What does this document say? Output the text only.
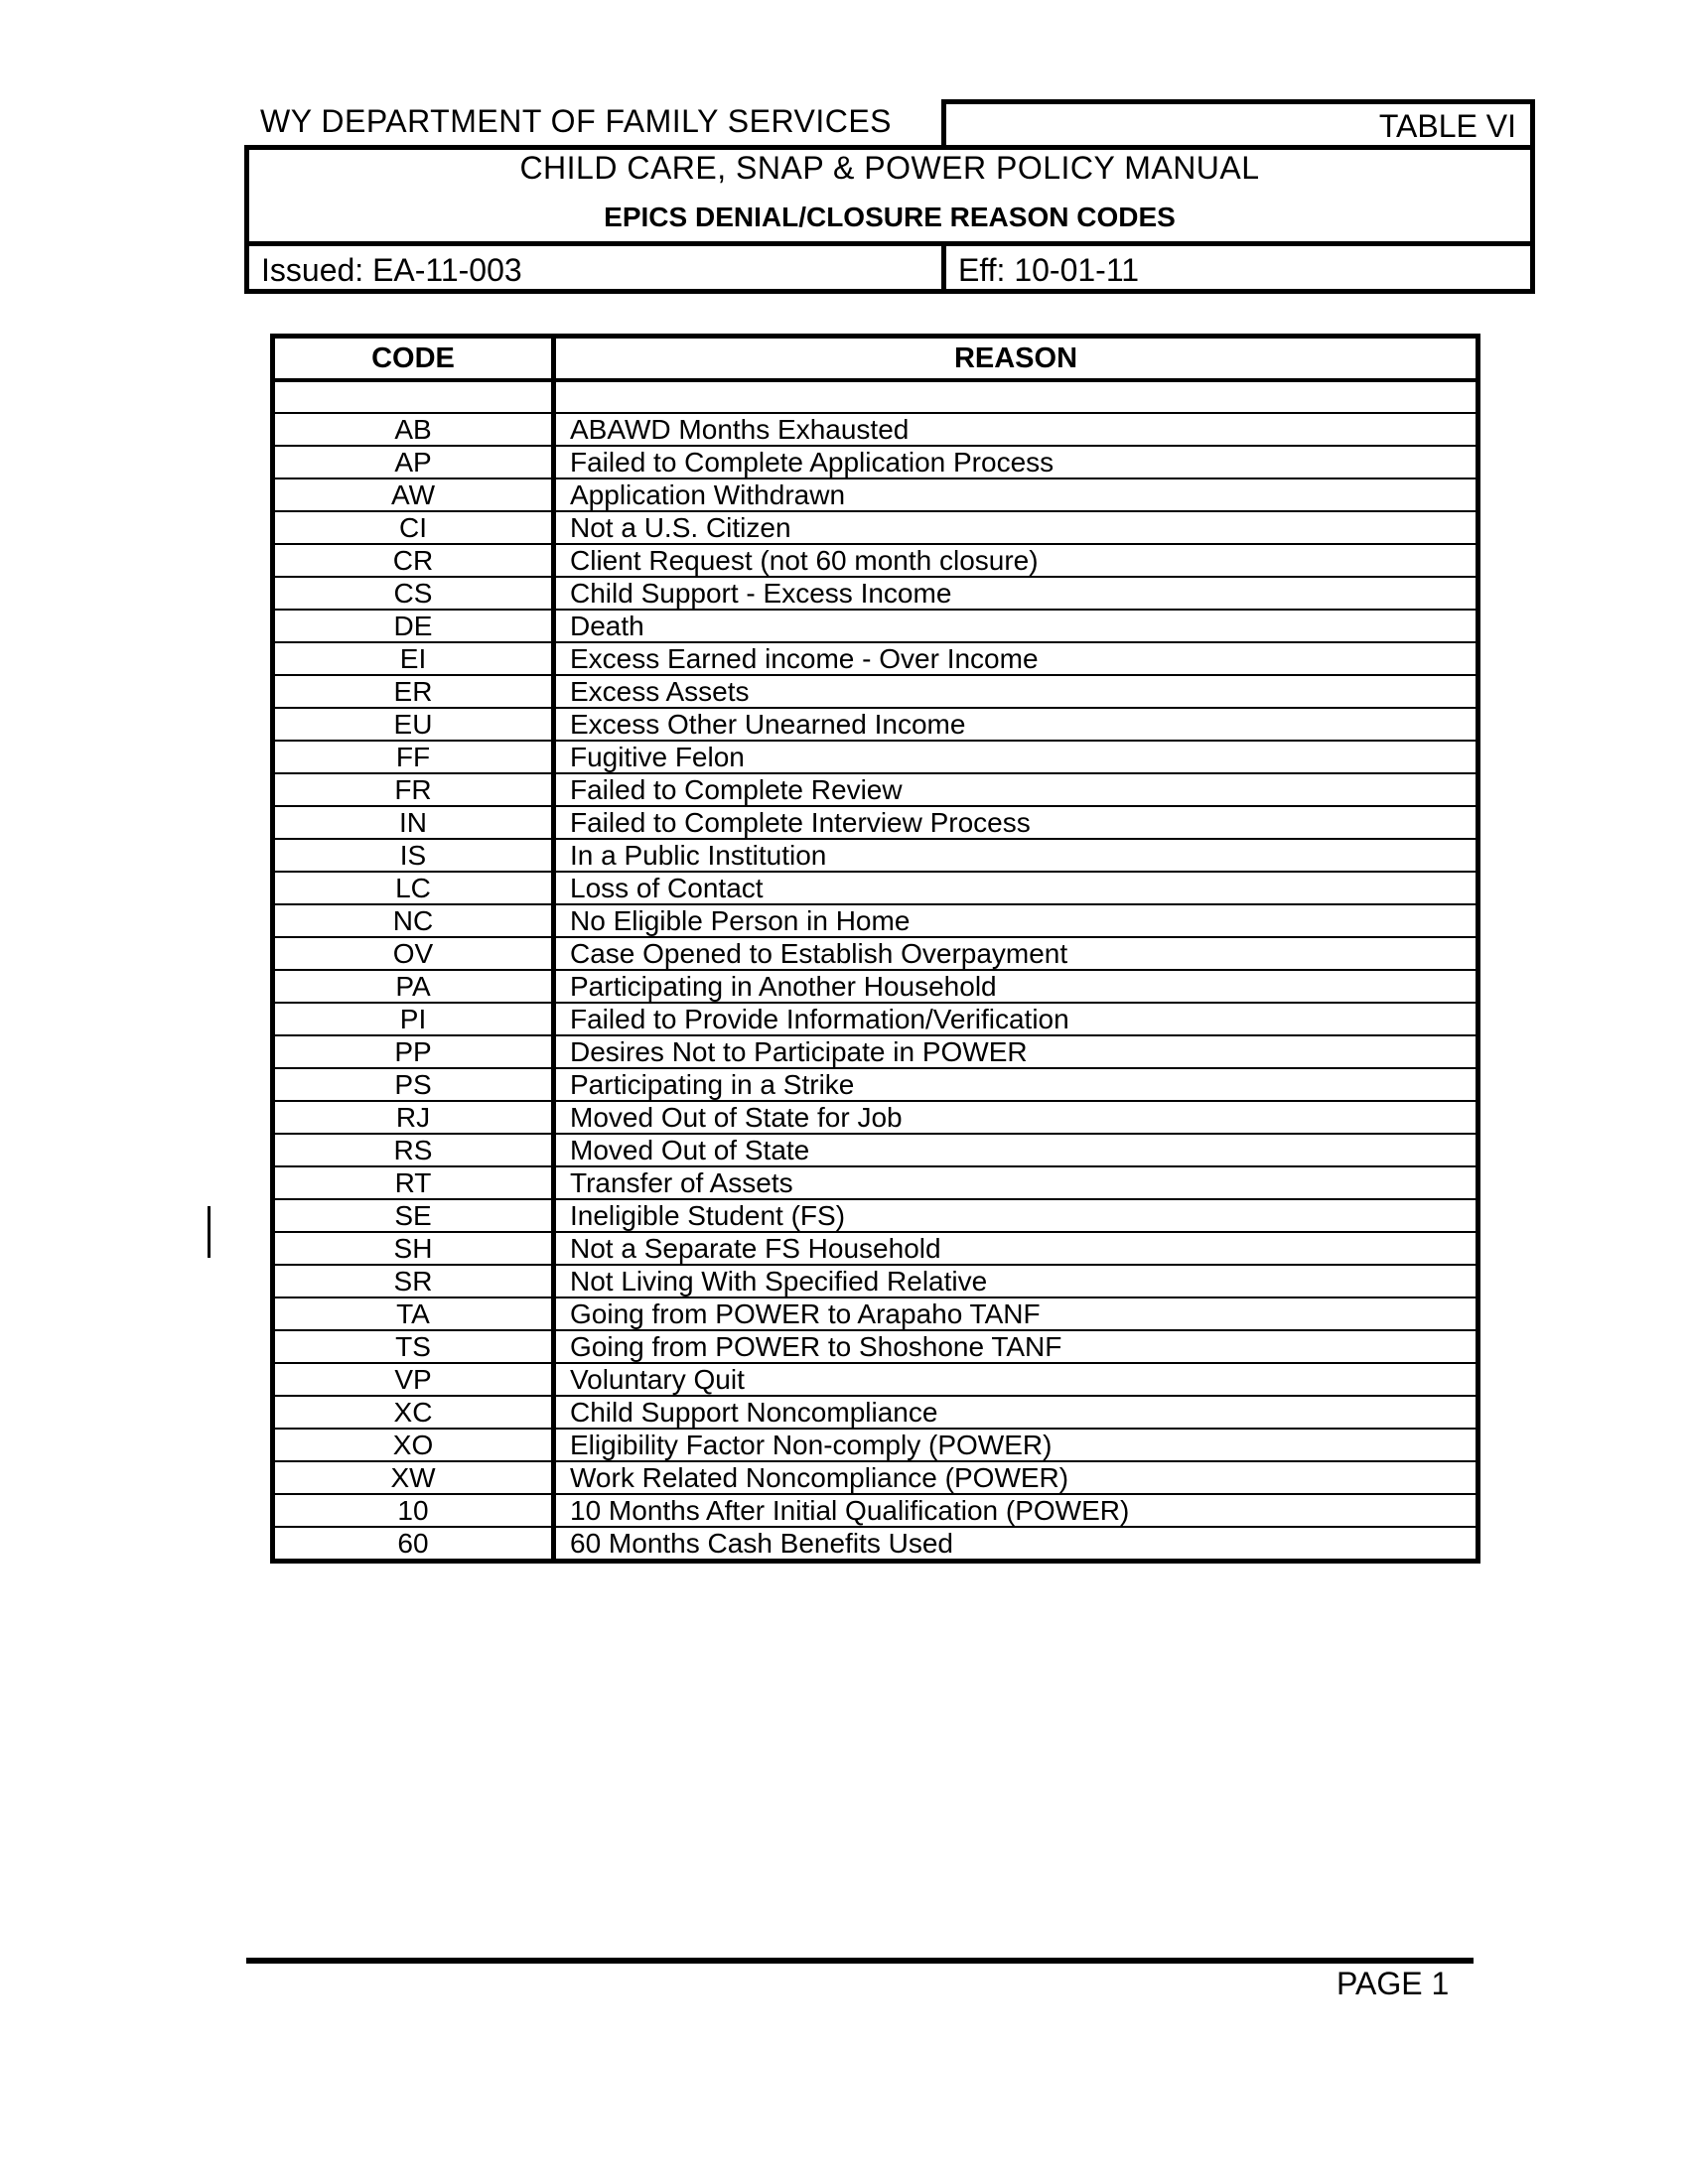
WY DEPARTMENT OF FAMILY SERVICES	TABLE VI
CHILD CARE, SNAP & POWER POLICY MANUAL
EPICS DENIAL/CLOSURE REASON CODES
Issued: EA-11-003	Eff: 10-01-11
CODE	REASON

AB	ABAWD Months Exhausted
AP	Failed to Complete Application Process
AW	Application Withdrawn
CI	Not a U.S. Citizen
CR	Client Request (not 60 month closure)
CS	Child Support - Excess Income
DE	Death
EI	Excess Earned income - Over Income
ER	Excess Assets
EU	Excess Other Unearned Income
FF	Fugitive Felon
FR	Failed to Complete Review
IN	Failed to Complete Interview Process
IS	In a Public Institution
LC	Loss of Contact
NC	No Eligible Person in Home
OV	Case Opened to Establish Overpayment
PA	Participating in Another Household
PI	Failed to Provide Information/Verification
PP	Desires Not to Participate in POWER
PS	Participating in a Strike
RJ	Moved Out of State for Job
RS	Moved Out of State
RT	Transfer of Assets
SE	Ineligible Student (FS)
SH	Not a Separate FS Household
SR	Not Living With Specified Relative
TA	Going from POWER to Arapaho TANF
TS	Going from POWER to Shoshone TANF
VP	Voluntary Quit
XC	Child Support Noncompliance
XO	Eligibility Factor Non-comply (POWER)
XW	Work Related Noncompliance (POWER)
10	10 Months After Initial Qualification (POWER)
60	60 Months Cash Benefits Used
PAGE 1
